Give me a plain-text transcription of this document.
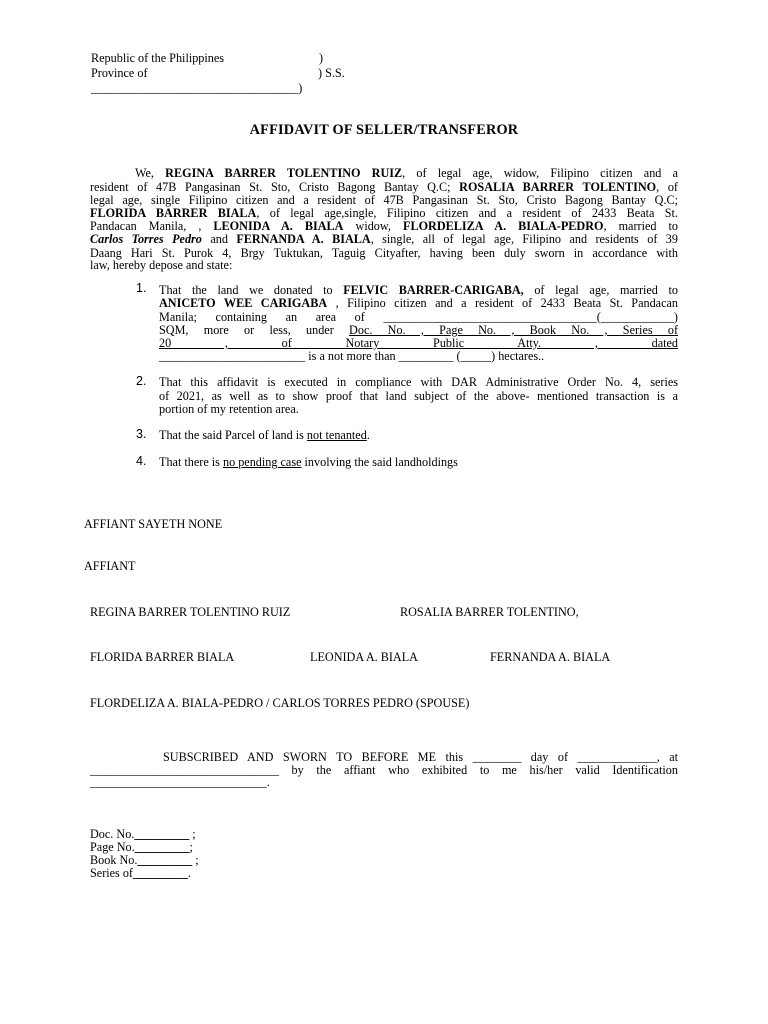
Republic of the Philippines	)
Province of	) S.S.
__________________________________)
AFFIDAVIT OF SELLER/TRANSFEROR
We, REGINA BARRER TOLENTINO RUIZ, of legal age, widow, Filipino citizen and a
resident of 47B Pangasinan St. Sto, Cristo Bagong Bantay Q.C; ROSALIA BARRER TOLENTINO, of
legal age, single Filipino citizen and a resident of 47B Pangasinan St. Sto, Cristo Bagong Bantay Q.C;
FLORIDA BARRER BIALA, of legal age,single, Filipino citizen and a resident of 2433 Beata St.
Pandacan Manila, , LEONIDA A. BIALA widow, FLORDELIZA A. BIALA-PEDRO, married to
Carlos Torres Pedro and FERNANDA A. BIALA, single, all of legal age, Filipino and residents of 39
Daang Hari St. Purok 4, Brgy Tuktukan, Taguig Cityafter, having been duly sworn in accordance with
law, hereby depose and state:
1. That the land we donated to FELVIC BARRER-CARIGABA, of legal age, married to
ANICETO WEE CARIGABA , Filipino citizen and a resident of 2433 Beata St. Pandacan
Manila; containing an area of ___________________________________(____________)
SQM, more or less, under Doc. No. , Page No. , Book No. , Series of
20 , of Notary Public Atty. , dated
________________________ is a not more than _________ (_____) hectares..
2. That this affidavit is executed in compliance with DAR Administrative Order No. 4, series
of 2021, as well as to show proof that land subject of the above- mentioned transaction is a
portion of my retention area.
3. That the said Parcel of land is not tenanted.
4. That there is no pending case involving the said landholdings
AFFIANT SAYETH NONE
AFFIANT
REGINA BARRER TOLENTINO RUIZ	ROSALIA BARRER TOLENTINO,
FLORIDA BARRER BIALA	LEONIDA A. BIALA	FERNANDA A. BIALA
FLORDELIZA A. BIALA-PEDRO / CARLOS TORRES PEDRO (SPOUSE)
SUBSCRIBED AND SWORN TO BEFORE ME this ________ day of _____________, at
_______________________________ by the affiant who exhibited to me his/her valid Identification
_____________________________.
Doc. No._________ ;
Page No._________;
Book No._________ ;
Series of_________.
